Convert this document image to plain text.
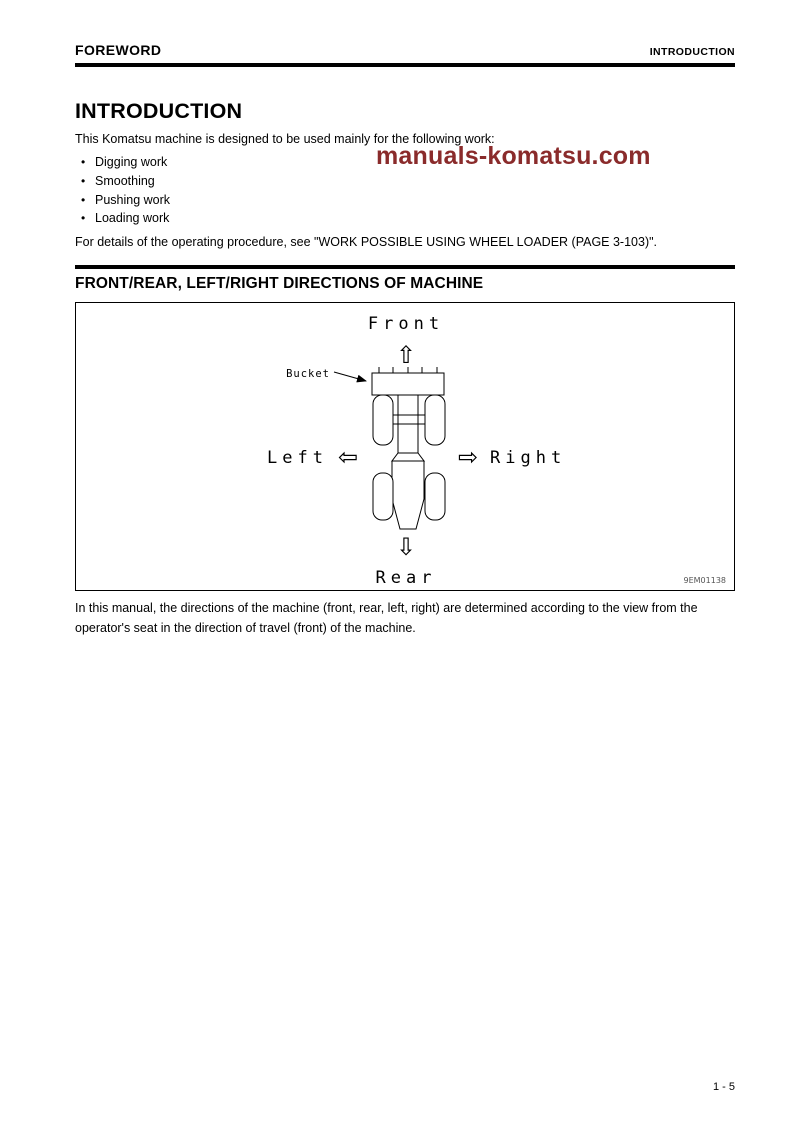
FOREWORD	INTRODUCTION
INTRODUCTION

This Komatsu machine is designed to be used mainly for the following work:

• Digging work
• Smoothing
• Pushing work
• Loading work

For details of the operating procedure, see "WORK POSSIBLE USING WHEEL LOADER (PAGE 3-103)".

FRONT/REAR, LEFT/RIGHT DIRECTIONS OF MACHINE
Front
⇧
Bucket
Left ⇦	⇨ Right
⇩
Rear	9EM01138

In this manual, the directions of the machine (front, rear, left, right) are determined according to the view from the operator's seat in the direction of travel (front) of the machine.

manuals-komatsu.com
1 - 5
